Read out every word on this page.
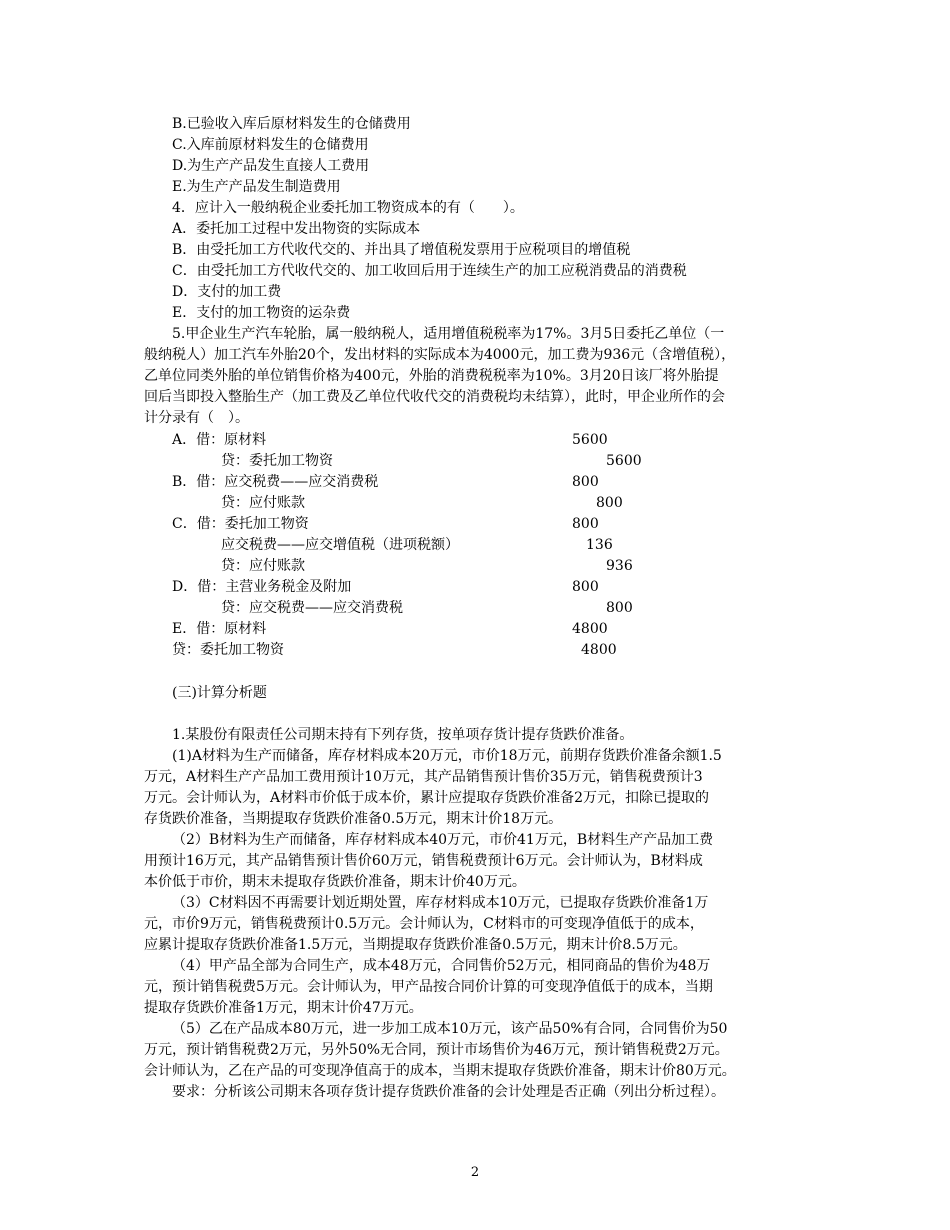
B.已验收入库后原材料发生的仓储费用
C.入库前原材料发生的仓储费用
D.为生产产品发生直接人工费用
E.为生产产品发生制造费用
4．应计入一般纳税企业委托加工物资成本的有（　　）。
A．委托加工过程中发出物资的实际成本
B．由受托加工方代收代交的、并出具了增值税发票用于应税项目的增值税
C．由受托加工方代收代交的、加工收回后用于连续生产的加工应税消费品的消费税
D．支付的加工费
E．支付的加工物资的运杂费
5.甲企业生产汽车轮胎，属一般纳税人，适用增值税税率为17%。3月5日委托乙单位（一
般纳税人）加工汽车外胎20个，发出材料的实际成本为4000元，加工费为936元（含增值税），
乙单位同类外胎的单位销售价格为400元，外胎的消费税税率为10%。3月20日该厂将外胎提
回后当即投入整胎生产（加工费及乙单位代收代交的消费税均未结算），此时，甲企业所作的会
计分录有（　）。
A．借：原材料	5600
贷：委托加工物资	5600
B．借：应交税费——应交消费税	800
贷：应付账款	800
C．借：委托加工物资	800
应交税费——应交增值税（进项税额）	136
贷：应付账款	936
D．借：主营业务税金及附加	800
贷：应交税费——应交消费税	800
E．借：原材料	4800
贷：委托加工物资	4800
(三)计算分析题
1.某股份有限责任公司期末持有下列存货，按单项存货计提存货跌价准备。
(1)A材料为生产而储备，库存材料成本20万元，市价18万元，前期存货跌价准备余额1.5
万元，A材料生产产品加工费用预计10万元，其产品销售预计售价35万元，销售税费预计3
万元。会计师认为，A材料市价低于成本价，累计应提取存货跌价准备2万元，扣除已提取的
存货跌价准备，当期提取存货跌价准备0.5万元，期末计价18万元。
（2）B材料为生产而储备，库存材料成本40万元，市价41万元，B材料生产产品加工费
用预计16万元，其产品销售预计售价60万元，销售税费预计6万元。会计师认为，B材料成
本价低于市价，期末未提取存货跌价准备，期末计价40万元。
（3）C材料因不再需要计划近期处置，库存材料成本10万元，已提取存货跌价准备1万
元，市价9万元，销售税费预计0.5万元。会计师认为，C材料市的可变现净值低于的成本，
应累计提取存货跌价准备1.5万元，当期提取存货跌价准备0.5万元，期末计价8.5万元。
（4）甲产品全部为合同生产，成本48万元，合同售价52万元，相同商品的售价为48万
元，预计销售税费5万元。会计师认为，甲产品按合同价计算的可变现净值低于的成本，当期
提取存货跌价准备1万元，期末计价47万元。
（5）乙在产品成本80万元，进一步加工成本10万元，该产品50%有合同，合同售价为50
万元，预计销售税费2万元，另外50%无合同，预计市场售价为46万元，预计销售税费2万元。
会计师认为，乙在产品的可变现净值高于的成本，当期末提取存货跌价准备，期末计价80万元。
要求：分析该公司期末各项存货计提存货跌价准备的会计处理是否正确（列出分析过程）。
2
